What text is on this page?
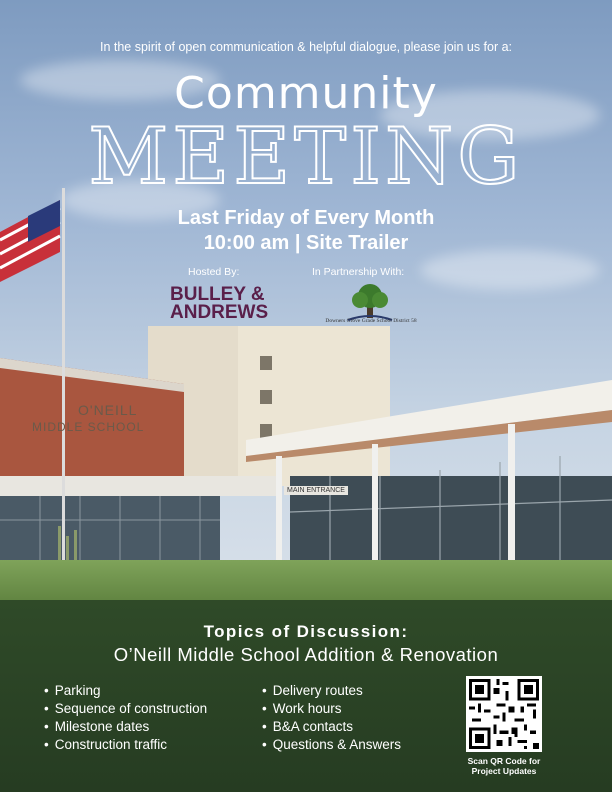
O'NEILL
MIDDLE SCHOOL
MAIN ENTRANCE
In the spirit of open communication & helpful dialogue, please join us for a:
Community
MEETING
Last Friday of Every Month
10:00 am | Site Trailer
Hosted By:	In Partnership With:
BULLEY &
ANDREWS	Downers Grove Grade School District 58
Topics of Discussion:
O’Neill Middle School Addition & Renovation
• Parking
• Sequence of construction
• Milestone dates
• Construction traffic
• Delivery routes
• Work hours
• B&A contacts
• Questions & Answers
Scan QR Code for
Project Updates
